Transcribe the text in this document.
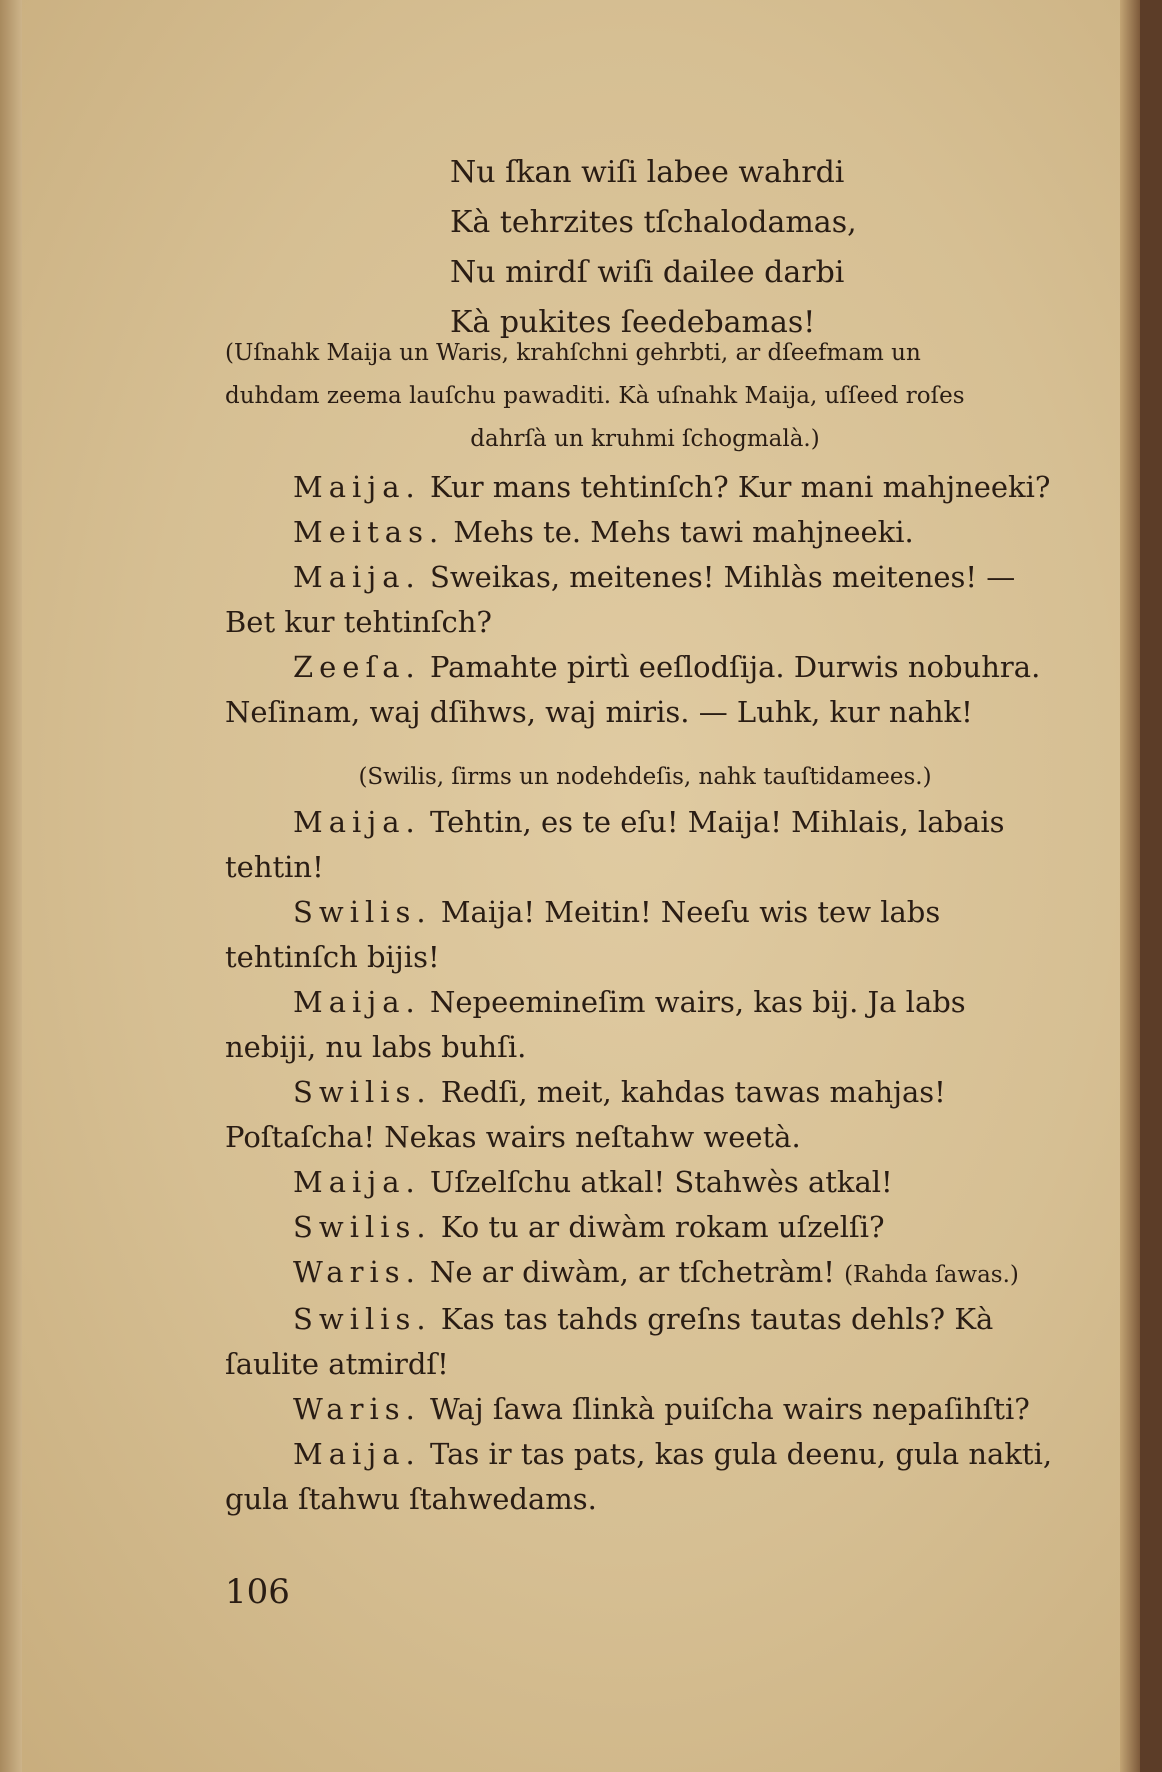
Nu ſkan wiſi labee wahrdi
Kà tehrzites tſchalodamas,
Nu mirdſ wiſi dailee darbi
Kà pukites ſeedebamas!
(Uſnahk Maija un Waris, krahſchni gehrbti, ar dſeefmam un
duhdam zeema lauſchu pawaditi. Kà uſnahk Maija, uſſeed roſes
dahrſà un kruhmi ſchogmalà.)
Maija. Kur mans tehtinſch? Kur mani mahjneeki?
Meitas. Mehs te. Mehs tawi mahjneeki.
Maija. Sweikas, meitenes! Mihlàs meitenes! — Bet kur tehtinſch?
Zeeſa. Pamahte pirtì eeſlodſija. Durwis nobuhra. Neſinam, waj dſihws, waj miris. — Luhk, kur nahk!
(Swilis, ſirms un nodehdeſis, nahk tauſtidamees.)
Maija. Tehtin, es te eſu! Maija! Mihlais, labais tehtin!
Swilis. Maija! Meitin! Neeſu wis tew labs tehtinſch bijis!
Maija. Nepeemineſim wairs, kas bij. Ja labs nebiji, nu labs buhſi.
Swilis. Redſi, meit, kahdas tawas mahjas! Poſtaſcha! Nekas wairs neſtahw weetà.
Maija. Uſzelſchu atkal! Stahwès atkal!
Swilis. Ko tu ar diwàm rokam uſzelſi?
Waris. Ne ar diwàm, ar tſchetràm! (Rahda ſawas.)
Swilis. Kas tas tahds greſns tautas dehls? Kà ſaulite atmirdſ!
Waris. Waj ſawa ſlinkà puiſcha wairs nepaſihſti?
Maija. Tas ir tas pats, kas gula deenu, gula nakti, gula ſtahwu ſtahwedams.
106
